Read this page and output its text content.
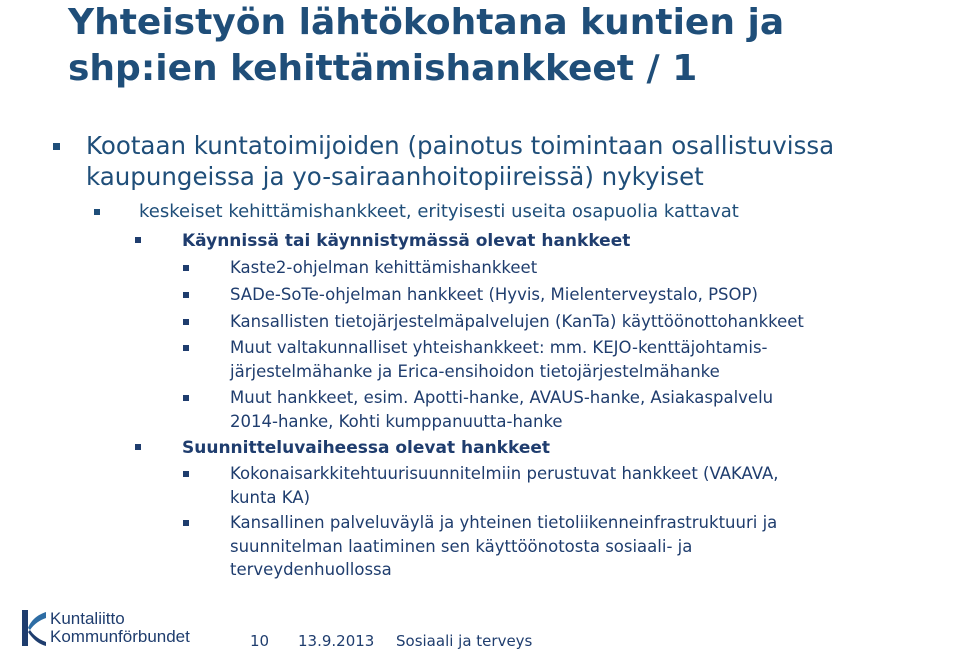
Yhteistyön lähtökohtana kuntien ja
shp:ien kehittämishankkeet / 1
Kootaan kuntatoimijoiden (painotus toimintaan osallistuvissa
kaupungeissa ja yo-sairaanhoitopiireissä) nykyiset
keskeiset kehittämishankkeet, erityisesti useita osapuolia kattavat
Käynnissä tai käynnistymässä olevat hankkeet
Kaste2-ohjelman kehittämishankkeet
SADe-SoTe-ohjelman hankkeet (Hyvis, Mielenterveystalo, PSOP)
Kansallisten tietojärjestelmäpalvelujen (KanTa) käyttöönottohankkeet
Muut valtakunnalliset yhteishankkeet: mm. KEJO-kenttäjohtamis-
järjestelmähanke ja Erica-ensihoidon tietojärjestelmähanke
Muut hankkeet, esim. Apotti-hanke, AVAUS-hanke, Asiakaspalvelu
2014-hanke, Kohti kumppanuutta-hanke
Suunnitteluvaiheessa olevat hankkeet
Kokonaisarkkitehtuurisuunnitelmiin perustuvat hankkeet (VAKAVA,
kunta KA)
Kansallinen palveluväylä ja yhteinen tietoliikenneinfrastruktuuri ja
suunnitelman laatiminen sen käyttöönotosta sosiaali- ja
terveydenhuollossa
Kuntaliitto
Kommunförbundet	10 13.9.2013 Sosiaali ja terveys
